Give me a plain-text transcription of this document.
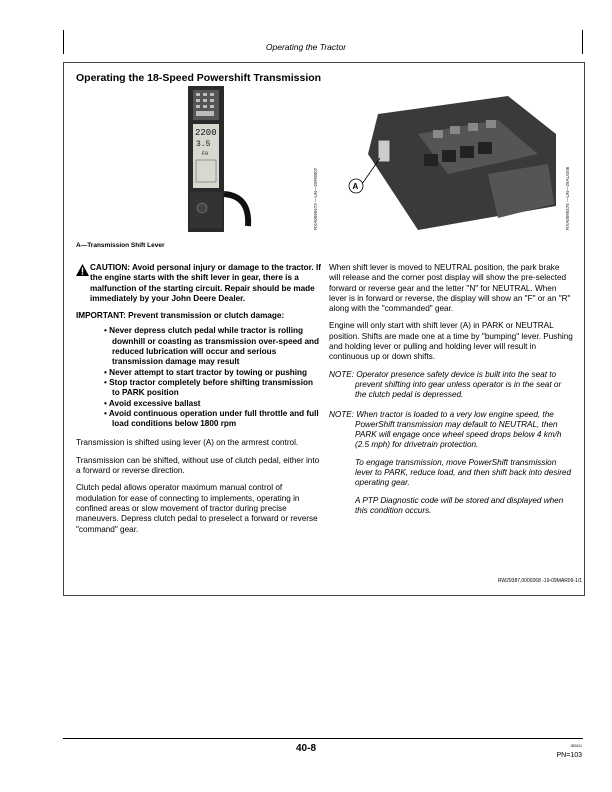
Operating the Tractor
Operating the 18-Speed Powershift Transmission
2200
3.5
F9
RXA0090473 —UN—29FEB07	A	RXA0090476 —UN—29AUG06
A—Transmission Shift Lever

CAUTION: Avoid personal injury or damage to the tractor. If the engine starts with the shift lever in gear, there is a malfunction of the starting circuit. Repair should be made immediately by your John Deere Dealer.

IMPORTANT: Prevent transmission or clutch damage:

• Never depress clutch pedal while tractor is rolling downhill or coasting as transmission over-speed and reduced lubrication will occur and serious transmission damage may result

• Never attempt to start tractor by towing or pushing

• Stop tractor completely before shifting transmission to PARK position

• Avoid excessive ballast

• Avoid continuous operation under full throttle and full load conditions below 1800 rpm

Transmission is shifted using lever (A) on the armrest control.

Transmission can be shifted, without use of clutch pedal, either into a forward or reverse direction.

Clutch pedal allows operator maximum manual control of modulation for ease of connecting to implements, operating in confined areas or slow movement of tractor during precise maneuvers. Depress clutch pedal to preselect a forward or reverse "command" gear.

When shift lever is moved to NEUTRAL position, the park brake will release and the corner post display will show the pre-selected forward or reverse gear and the letter "N" for NEUTRAL. When lever is in forward or reverse, the display will show an "F" or an "R" along with the "commanded" gear.

Engine will only start with shift lever (A) in PARK or NEUTRAL position. Shifts are made one at a time by "bumping" lever. Pushing and holding lever or pulling and holding lever will result in continuous up or down shifts.

NOTE: Operator presence safety device is built into the seat to prevent shifting into gear unless operator is in the seat or the clutch pedal is depressed.

NOTE: When tractor is loaded to a very low engine speed, the PowerShift transmission may default to NEUTRAL, then PARK will engage once wheel speed drops below 4 km/h (2.5 mph) for drivetrain protection.

To engage transmission, move PowerShift transmission lever to PARK, reduce load, and then shift back into desired operating gear.

A PTP Diagnostic code will be stored and displayed when this condition occurs.

RW29387,0000268 -19-09MAR09-1/1
40-8	081811
PN=103
